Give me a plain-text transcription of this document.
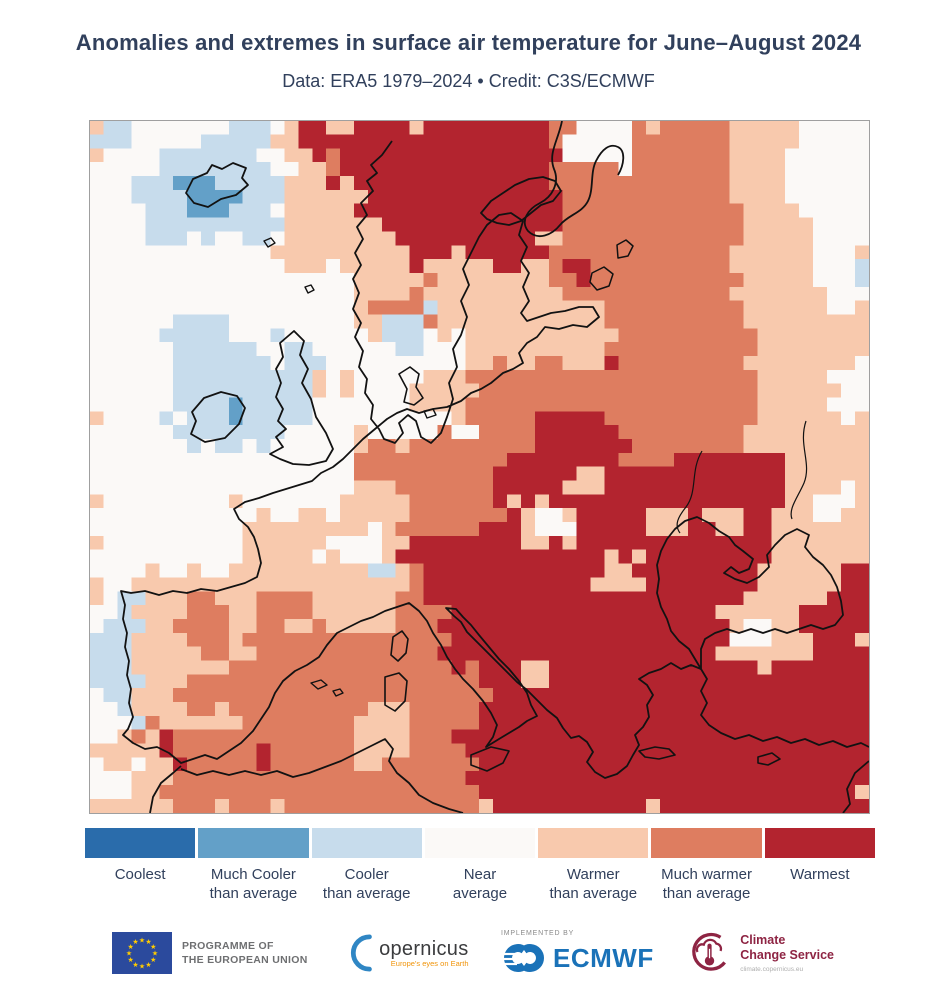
Anomalies and extremes in surface air temperature for June–August 2024
Data: ERA5 1979–2024 • Credit: C3S/ECMWF
Coolest	Much Cooler
than average
Cooler
than average
Near
average
Warmer
than average
Much warmer
than average
Warmest
★ ★
★
★
★
★
★
★
★
★
★
★	PROGRAMME OF
THE EUROPEAN UNION	opernicus
Europe's eyes on Earth
IMPLEMENTED BY
ECMWF
Climate
Change Service
climate.copernicus.eu
